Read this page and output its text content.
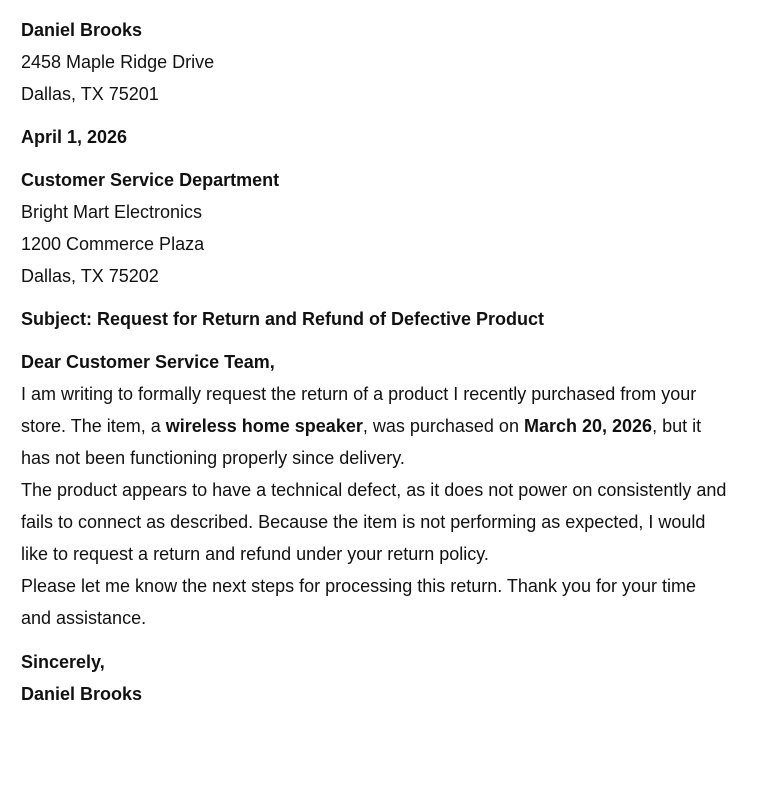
Daniel Brooks
2458 Maple Ridge Drive
Dallas, TX 75201
April 1, 2026
Customer Service Department
Bright Mart Electronics
1200 Commerce Plaza
Dallas, TX 75202
Subject: Request for Return and Refund of Defective Product
Dear Customer Service Team,

I am writing to formally request the return of a product I recently purchased from your store. The item, a wireless home speaker, was purchased on March 20, 2026, but it has not been functioning properly since delivery.

The product appears to have a technical defect, as it does not power on consistently and fails to connect as described. Because the item is not performing as expected, I would like to request a return and refund under your return policy.

Please let me know the next steps for processing this return. Thank you for your time and assistance.

Sincerely,
Daniel Brooks
